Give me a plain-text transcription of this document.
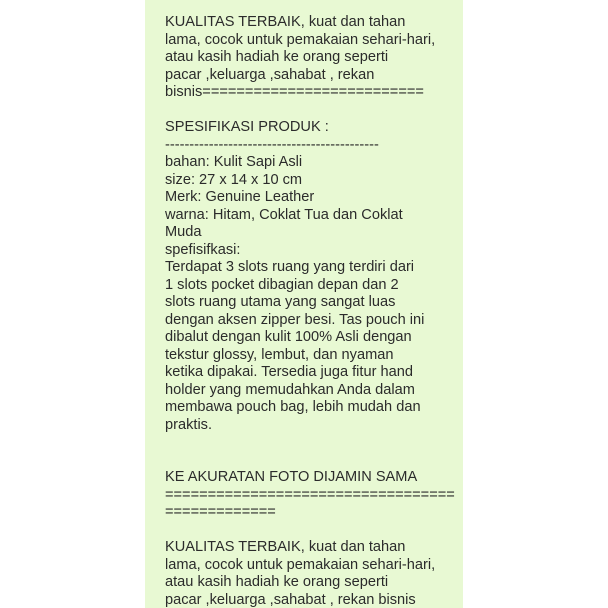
KUALITAS TERBAIK, kuat dan tahan
lama, cocok untuk pemakaian sehari-hari,
atau kasih hadiah ke orang seperti
pacar ,keluarga ,sahabat , rekan
bisnis==========================

SPESIFIKASI PRODUK :
--------------------------------------------
bahan: Kulit Sapi Asli
size: 27 x 14 x 10 cm
Merk: Genuine Leather
warna: Hitam, Coklat Tua dan Coklat
Muda
spefisifkasi:
Terdapat 3 slots ruang yang terdiri dari
1 slots pocket dibagian depan dan 2
slots ruang utama yang sangat luas
dengan aksen zipper besi. Tas pouch ini
dibalut dengan kulit 100% Asli dengan
tekstur glossy, lembut, dan nyaman
ketika dipakai. Tersedia juga fitur hand
holder yang memudahkan Anda dalam
membawa pouch bag, lebih mudah dan
praktis.

KE AKURATAN FOTO DIJAMIN SAMA
==================================
=============

KUALITAS TERBAIK, kuat dan tahan
lama, cocok untuk pemakaian sehari-hari,
atau kasih hadiah ke orang seperti
pacar ,keluarga ,sahabat , rekan bisnis
